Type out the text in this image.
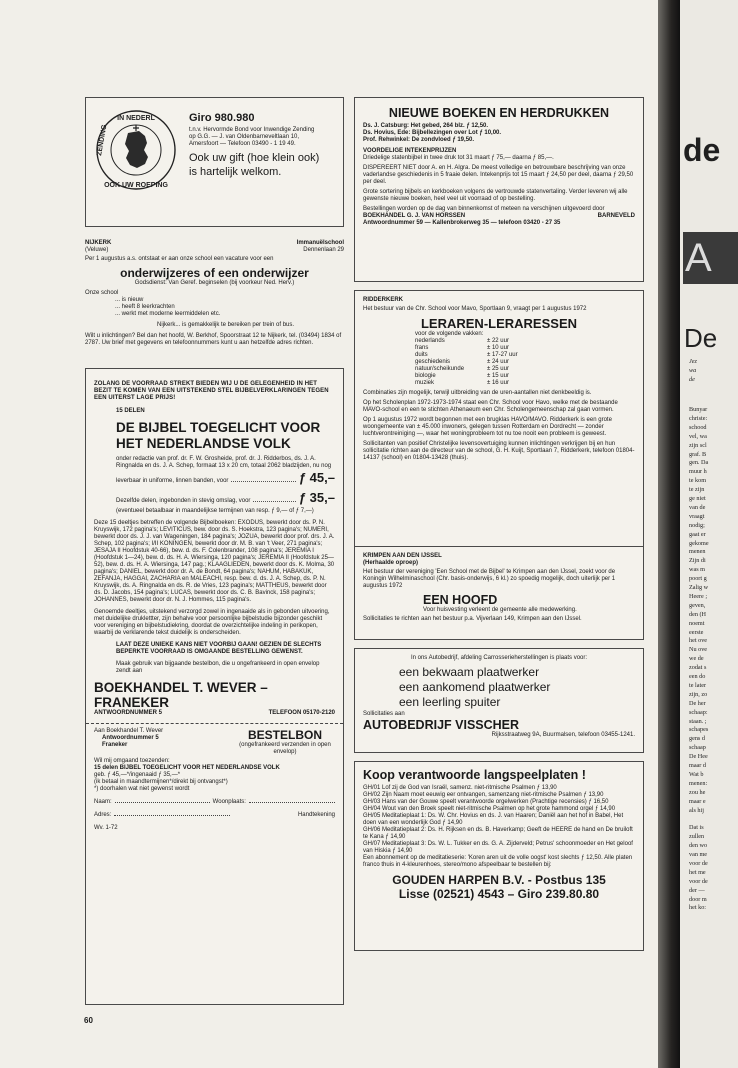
IN NEDERL
ZENDING
OOK UW ROEPING
Giro 980.980
t.n.v. Hervormde Bond voor Inwendige Zending
op G.G. — J. van Oldenbarneveltlaan 10,
Amersfoort — Telefoon 03490 - 1 19 49.
Ook uw gift (hoe klein ook)
is hartelijk welkom.
NIJKERK
(Veluwe)
Immanuëlschool
Dennenlaan 29
Per 1 augustus a.s. ontstaat er aan onze school een vacature voor een
onderwijzeres of een onderwijzer
Godsdienst: Van Geref. beginselen (bij voorkeur Ned. Herv.)
Onze school
... is nieuw
... heeft 8 leerkrachten
... werkt met moderne leermiddelen etc.
Nijkerk... is gemakkelijk te bereiken per trein of bus.
Wilt u inlichtingen? Bel dan het hoofd, W. Berkhof, Spoorstraat 12 te Nijkerk, tel. (03494) 1834 of 2787. Uw brief met gegevens en telefoonnummers kunt u aan hetzelfde adres richten.
ZOLANG DE VOORRAAD STREKT BIEDEN WIJ U DE GELEGENHEID IN HET BEZIT TE KOMEN VAN EEN UITSTEKEND STEL BIJBELVERKLARINGEN TEGEN EEN UITERST LAGE PRIJS!
15 DELEN
DE BIJBEL TOEGELICHT VOOR
HET NEDERLANDSE VOLK
onder redactie van prof. dr. F. W. Grosheide, prof. dr. J. Ridderbos, ds. J. A. Ringnalda en ds. J. A. Schep, formaat 13 x 20 cm, totaal 2062 bladzijden, nu nog
leverbaar in uniforme, linnen banden, voor	ƒ 45,–
Dezelfde delen, ingebonden in stevig omslag, voor	ƒ 35,–
(eventueel betaalbaar in maandelijkse termijnen van resp. ƒ 9,— of ƒ 7,—)
Deze 15 deeltjes betreffen de volgende Bijbelboeken: EXODUS, bewerkt door ds. P. N. Kruyswijk, 172 pagina's; LEVITICUS, bew. door ds. S. Hoekstra, 123 pagina's; NUMERI, bewerkt door ds. J. J. van Wageningen, 184 pagina's; JOZUA, bewerkt door prof. drs. J. A. Schep, 102 pagina's; I/II KONINGEN, bewerkt door dr. M. B. van 't Veer, 271 pagina's; JESAJA II Hoofdstuk 40-66), bew. d. ds. F. Colenbrander, 108 pagina's; JEREMIA I (Hoofdstuk 1—24), bew. d. ds. H. A. Wiersinga, 120 pagina's; JEREMIA II (Hoofdstuk 25—52), bew. d. ds. H. A. Wiersinga, 147 pag.; KLAAGLIEDEN, bewerkt door ds. K. Molma, 30 pagina's; DANIEL, bewerkt door dr. A. de Bondt, 64 pagina's; NAHUM, HABAKUK, ZEFANJA, HAGGAI, ZACHARIA en MALEACHI, resp. bew. d. ds. J. A. Schep, ds. P. N. Kruyswijk, ds. A. Ringnalda en ds. R. de Vries, 123 pagina's; MATTHEUS, bewerkt door ds. D. Jacobs, 154 pagina's; LUCAS, bewerkt door ds. C. B. Bavinck, 158 pagina's; JOHANNES, bewerkt door dr. N. J. Hommes, 115 pagina's.
Genoemde deeltjes, uitstekend verzorgd zowel in ingenaaide als in gebonden uitvoering, met duidelijke druklettter, zijn behalve voor persoonlijke bijbelstudie bijzonder geschikt voor vereniging en bijbelstudiekring, doordat de overzichtelijke indeling in perikopen, waarbij de verklarende tekst duidelijk is onderscheiden.
LAAT DEZE UNIEKE KANS NIET VOORBIJ GAAN! GEZIEN DE SLECHTS BEPERKTE VOORRAAD IS OMGAANDE BESTELLING GEWENST.
Maak gebruik van bijgaande bestelbon, die u ongefrankeerd in open envelop zendt aan
BOEKHANDEL T. WEVER – FRANEKER
ANTWOORDNUMMER 5	TELEFOON 05170-2120
Aan Boekhandel T. Wever
Antwoordnummer 5
Franeker
BESTELBON
(ongefrankeerd verzenden in open envelop)
Wil mij omgaand toezenden:
15 delen BIJBEL TOEGELICHT VOOR HET NEDERLANDSE VOLK
geb. ƒ 45,—*/ingenaaid ƒ 35,—*
(ik betaal in maandtermijnen*/direkt bij ontvangst*)
*) doorhalen wat niet gewenst wordt
Naam:	Woonplaats:
Adres:	Handtekening
Wv. 1-72
NIEUWE BOEKEN EN HERDRUKKEN
Ds. J. Catsburg: Het gebed, 264 blz. ƒ 12,50.
Ds. Hovius, Ede: Bijbellezingen over Lot ƒ 10,00.
Prof. Rehwinkel: De zondvloed ƒ 19,50.
VOORDELIGE INTEKENPRIJZEN
Driedelige statenbijbel in twee druk tot 31 maart ƒ 75,— daarna ƒ 85,—.
DISPEREERT NIET door A. en H. Algra. De meest volledige en betrouwbare beschrijving van onze vaderlandse geschiedenis in 5 fraaie delen. Intekenprijs tot 15 maart ƒ 24,50 per deel, daarna ƒ 29,50 per deel.
Grote sortering bijbels en kerkboeken volgens de vertrouwde statenvertaling. Verder leveren wij alle gewenste nieuwe boeken, heel veel uit voorraad of op bestelling.
Bestellingen worden op de dag van binnenkomst of meteen na verschijnen uitgevoerd door
BOEKHANDEL G. J. VAN HORSSEN	BARNEVELD
Antwoordnummer 59 — Kallenbrokerweg 35 — telefoon 03420 - 27 35
RIDDERKERK
Het bestuur van de Chr. School voor Mavo, Sportlaan 9, vraagt per 1 augustus 1972
LERAREN-LERARESSEN
voor de volgende vakken:
nederlands	± 22 uur
frans	± 10 uur
duits	± 17-27 uur
geschiedenis	± 24 uur
natuur/scheikunde	± 25 uur
biologie	± 15 uur
muziek	± 16 uur
Combinaties zijn mogelijk, terwijl uitbreiding van de uren-aantallen niet denkbeeldig is.
Op het Scholenplan 1972-1973-1974 staat een Chr. School voor Havo, welke met de bestaande MAVO-school en een te stichten Athenaeum een Chr. Scholengemeenschap zal gaan vormen.
Op 1 augustus 1972 wordt begonnen met een brugklas HAVO/MAVO. Ridderkerk is een grote woongemeente van ± 45.000 inwoners, gelegen tussen Rotterdam en Dordrecht — zonder luchtverontreiniging —, waar het woningprobleem tot nu toe nooit een probleem is geweest.
Sollicitanten van positief Christelijke levensovertuiging kunnen inlichtingen verkrijgen bij en hun sollicitatie richten aan de directeur van de school, G. H. Kuijt, Sportlaan 7, Ridderkerk, telefoon 01804-14137 (school) en 01804-13428 (thuis).
KRIMPEN AAN DEN IJSSEL
(Herhaalde oproep)
Het bestuur der vereniging 'Een School met de Bijbel' te Krimpen aan den IJssel, zoekt voor de Koningin Wilhelminaschool (Chr. basis-onderwijs, 6 kl.) zo spoedig mogelijk, doch uiterlijk per 1 augustus 1972
EEN HOOFD
Voor huisvesting verleent de gemeente alle medewerking.
Sollicitaties te richten aan het bestuur p.a. Vijverlaan 149, Krimpen aan den IJssel.
In ons Autobedrijf, afdeling Carrosserieherstellingen is plaats voor:
een bekwaam plaatwerker
een aankomend plaatwerker
een leerling spuiter
Sollicitaties aan
AUTOBEDRIJF VISSCHER
Rijksstraatweg 9A, Buurmalsen, telefoon 03455-1241.
Koop verantwoorde langspeelplaten !
GH/01 Lof zij de God van Israël, samenz. niet-ritmische Psalmen ƒ 13,90
GH/02 Zijn Naam moet eeuwig eer ontvangen, samenzang niet-ritmische Psalmen ƒ 13,90
GH/03 Hans van der Gouwe speelt verantwoorde orgelwerken (Prachtige recensies) ƒ 16,50
GH/04 Wout van den Broek speelt niet-ritmische Psalmen op het grote hammond orgel ƒ 14,90
GH/05 Meditatieplaat 1: Ds. W. Chr. Hovius en ds. J. van Haaren; Daniël aan het hof in Babel, Het doen van een wonderlijk God ƒ 14,90
GH/06 Meditatieplaat 2: Ds. H. Rijksen en ds. B. Haverkamp; Geeft de HEERE de hand en De bruiloft te Kana ƒ 14,90
GH/07 Meditatieplaat 3: Ds. W. L. Tukker en ds. G. A. Zijderveld; Petrus' schoonmoeder en Het geloof van Hiskia ƒ 14,90
Een abonnement op de meditatieserie: 'Koren aren uit de volle oogst' kost slechts ƒ 12,50. Alle platen franco thuis in 4-kleurenhoes, stereo/mono afspeelbaar te bestellen bij:
GOUDEN HARPEN B.V. - Postbus 135
Lisse (02521) 4543 – Giro 239.80.80
60
de
A
De
Jez
wa
de
Bunyar
christe:
schood
vel, wa
zijn scl
graf. B
gen. Da
muur h
te kom
te zijn
ge niet
van de
vraagt
nodig;
gaat er
gekome
menen
Zijn di
was m
poort g
Zalig w
Heere ;
geven,
den (H
noemt
eerste
het ove
Nu ove
we de
zodat s
een do
te later
zijn, zo
De her
schaap:
staan. ;
schapes
gens d
schaap
De Hee
maar d
Wat b
menen:
zou he
maar e
als hij
Dat is
zullen
den wo
van me
voor de
het me
voor de
der —
door m
het ko:
